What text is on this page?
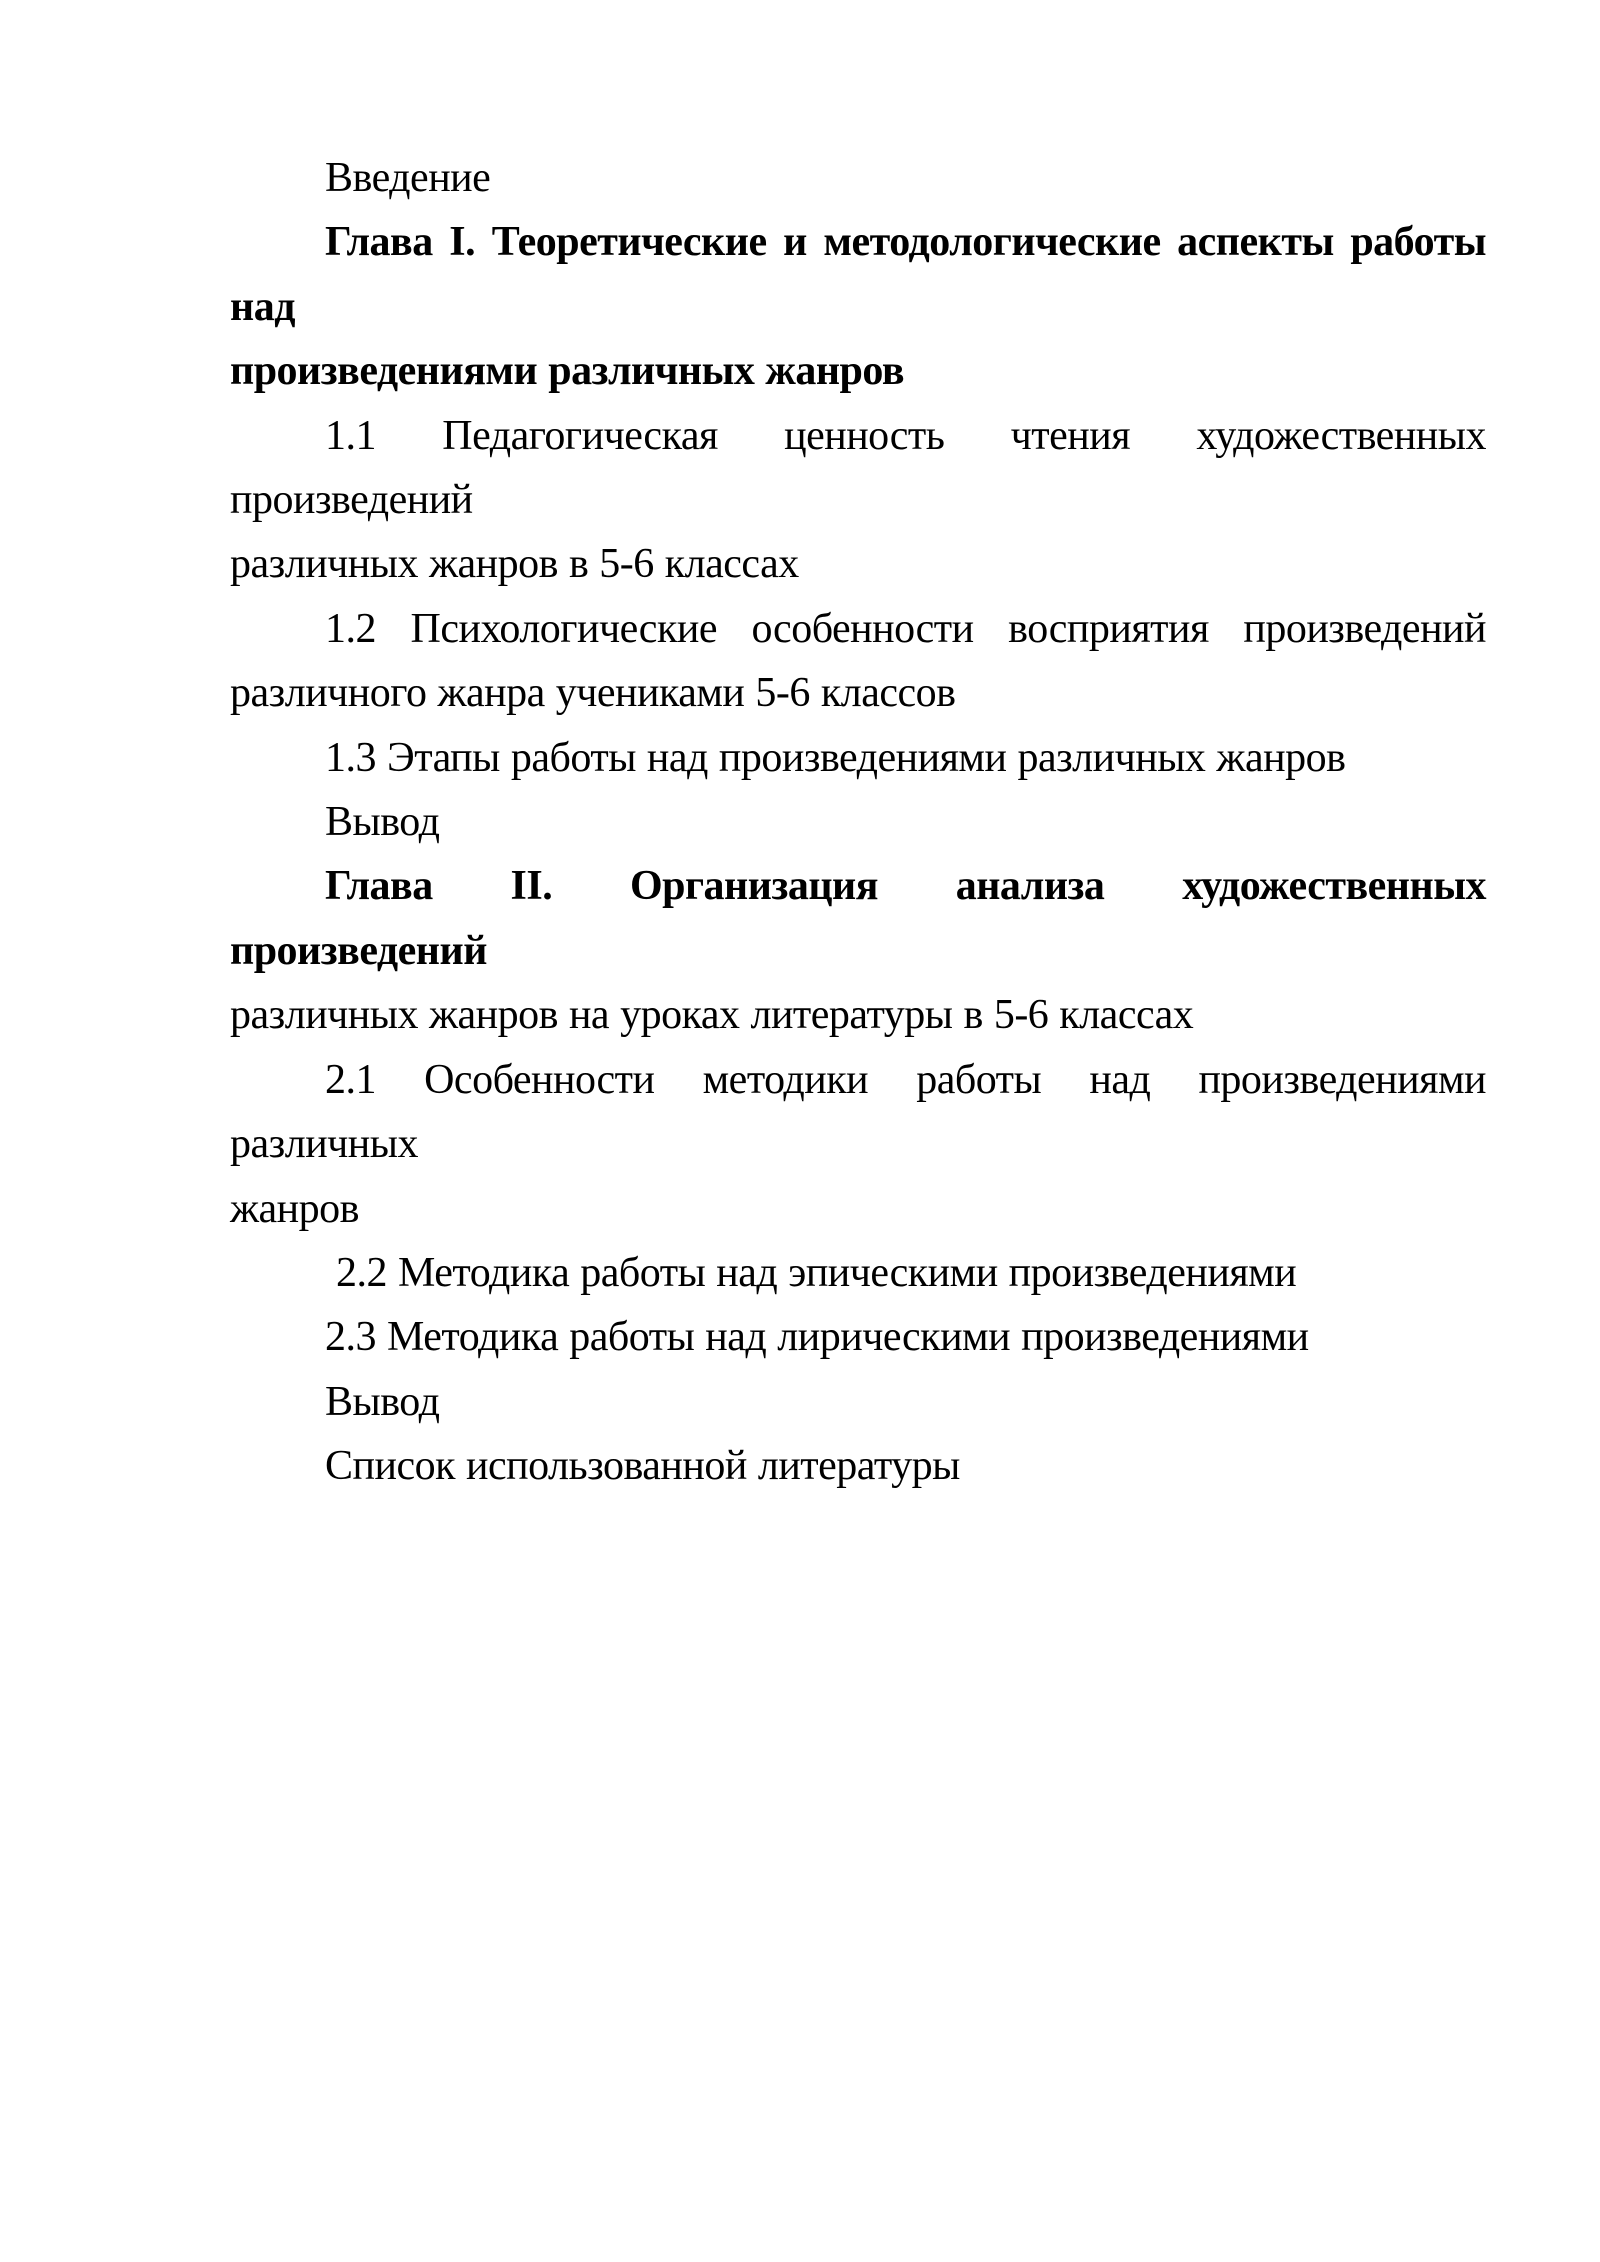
Введение
Глава I. Теоретические и методологические аспекты работы над
произведениями различных жанров
1.1 Педагогическая ценность чтения художественных произведений
различных жанров в 5-6 классах
1.2 Психологические особенности восприятия произведений
различного жанра учениками 5-6 классов
1.3 Этапы работы над произведениями различных жанров
Вывод
Глава II. Организация анализа художественных произведений
различных жанров на уроках литературы в 5-6 классах
2.1 Особенности методики работы над произведениями различных
жанров
2.2 Методика работы над эпическими произведениями
2.3 Методика работы над лирическими произведениями
Вывод
Список использованной литературы
